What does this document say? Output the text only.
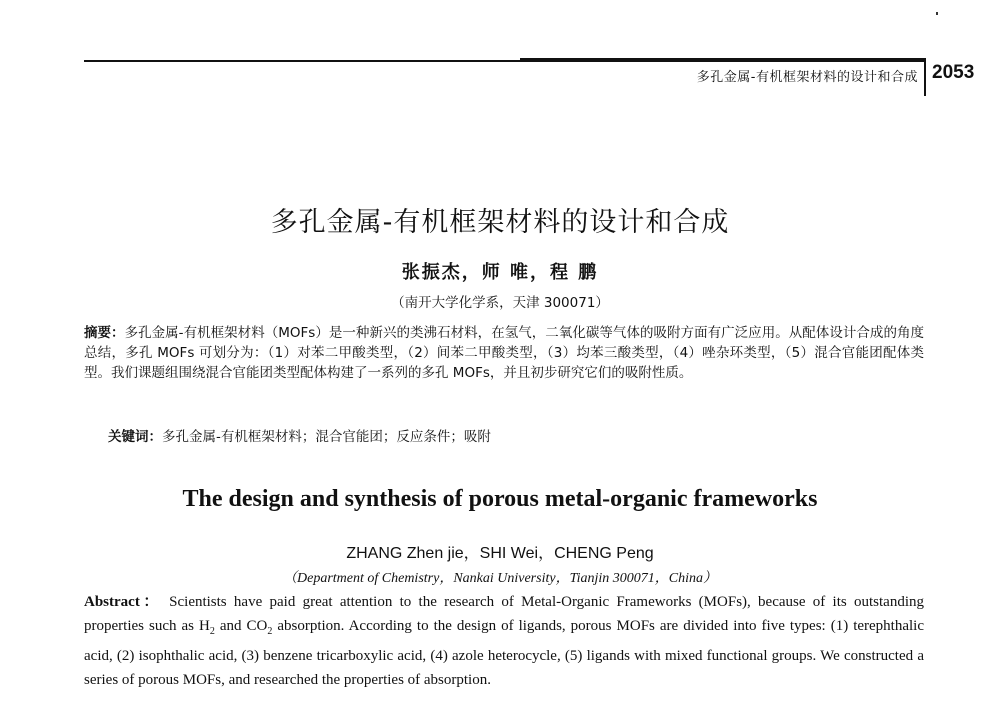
多孔金属-有机框架材料的设计和合成 2053
多孔金属-有机框架材料的设计和合成
张振杰，师 唯，程 鹏
（南开大学化学系，天津 300071）
摘要：多孔金属-有机框架材料（MOFs）是一种新兴的类沸石材料，在氢气，二氧化碳等气体的吸附方面有广泛应用。从配体设计合成的角度总结，多孔 MOFs 可划分为：（1）对苯二甲酸类型，（2）间苯二甲酸类型，（3）均苯三酸类型，（4）唑杂环类型，（5）混合官能团配体类型。我们课题组围绕混合官能团类型配体构建了一系列的多孔 MOFs，并且初步研究它们的吸附性质。
关键词：多孔金属-有机框架材料；混合官能团；反应条件；吸附
The design and synthesis of porous metal-organic frameworks
ZHANG Zhen jie，SHI Wei，CHENG Peng
（Department of Chemistry，Nankai University，Tianjin 300071，China）
Abstract： Scientists have paid great attention to the research of Metal-Organic Frameworks (MOFs), because of its outstanding properties such as $H_2$ and $CO_2$ absorption. According to the design of ligands, porous MOFs are divided into five types: (1) terephthalic acid, (2) isophthalic acid, (3) benzene tricarboxylic acid, (4) azole heterocycle, (5) ligands with mixed functional groups. We constructed a series of porous MOFs, and researched the properties of absorption.
